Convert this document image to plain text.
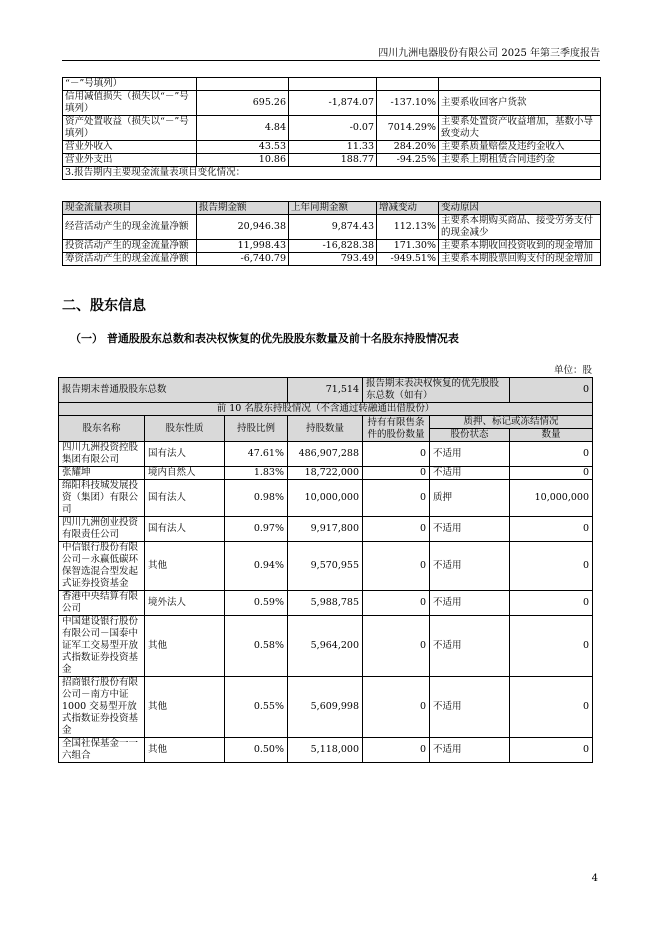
四川九洲电器股份有限公司 2025 年第三季度报告
“－”号填列）				
信用减值损失（损失以“－”号填列）	695.26	-1,874.07	-137.10%	主要系收回客户货款
资产处置收益（损失以“－”号填列）	4.84	-0.07	7014.29%	主要系处置资产收益增加，基数小导致变动大
营业外收入	43.53	11.33	284.20%	主要系质量赔偿及违约金收入
营业外支出	10.86	188.77	-94.25%	主要系上期租赁合同违约金
3.报告期内主要现金流量表项目变化情况：				
现金流量表项目	报告期金额	上年同期金额	增减变动	变动原因
经营活动产生的现金流量净额	20,946.38	9,874.43	112.13%	主要系本期购买商品、接受劳务支付的现金减少
投资活动产生的现金流量净额	11,998.43	-16,828.38	171.30%	主要系本期收回投资收到的现金增加
筹资活动产生的现金流量净额	-6,740.79	793.49	-949.51%	主要系本期股票回购支付的现金增加
二、股东信息
（一） 普通股股东总数和表决权恢复的优先股股东数量及前十名股东持股情况表
单位：股
报告期末普通股股东总数			71,514	报告期末表决权恢复的优先股股东总数（如有）		0
前 10 名股东持股情况（不含通过转融通出借股份）						
股东名称	股东性质	持股比例	持股数量	持有有限售条件的股份数量	质押、标记或冻结情况	
					股份状态	数量
四川九洲投资控股集团有限公司	国有法人	47.61%	486,907,288	0	不适用	0
张耀坤	境内自然人	1.83%	18,722,000	0	不适用	0
绵阳科技城发展投资（集团）有限公司	国有法人	0.98%	10,000,000	0	质押	10,000,000
四川九洲创业投资有限责任公司	国有法人	0.97%	9,917,800	0	不适用	0
中信银行股份有限公司－永赢低碳环保智选混合型发起式证券投资基金	其他	0.94%	9,570,955	0	不适用	0
香港中央结算有限公司	境外法人	0.59%	5,988,785	0	不适用	0
中国建设银行股份有限公司－国泰中证军工交易型开放式指数证券投资基金	其他	0.58%	5,964,200	0	不适用	0
招商银行股份有限公司－南方中证 1000 交易型开放式指数证券投资基金	其他	0.55%	5,609,998	0	不适用	0
全国社保基金一一六组合	其他	0.50%	5,118,000	0	不适用	0
4
